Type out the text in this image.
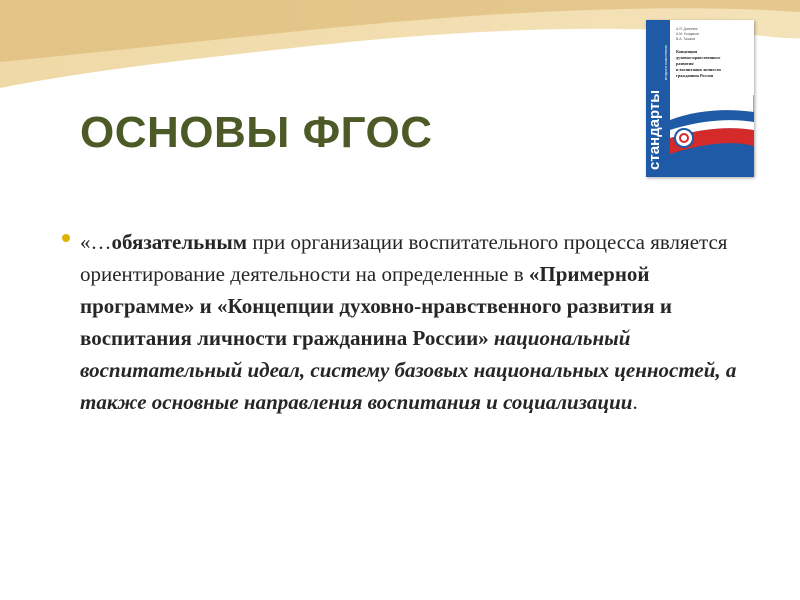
ОСНОВЫ ФГОС	стандарты
второго поколения
А.Я. Данилюк
А.М. Кондаков
В.А. Тишков
Концепция
духовно-нравственного
развития
и воспитания личности
гражданина России

«…обязательным при организации воспитательного процесса является ориентирование деятельности на определенные в «Примерной программе» и «Концепции духовно-нравственного развития и воспитания личности гражданина России» национальный воспитательный идеал, систему базовых национальных ценностей, а также основные направления воспитания и социализации.
